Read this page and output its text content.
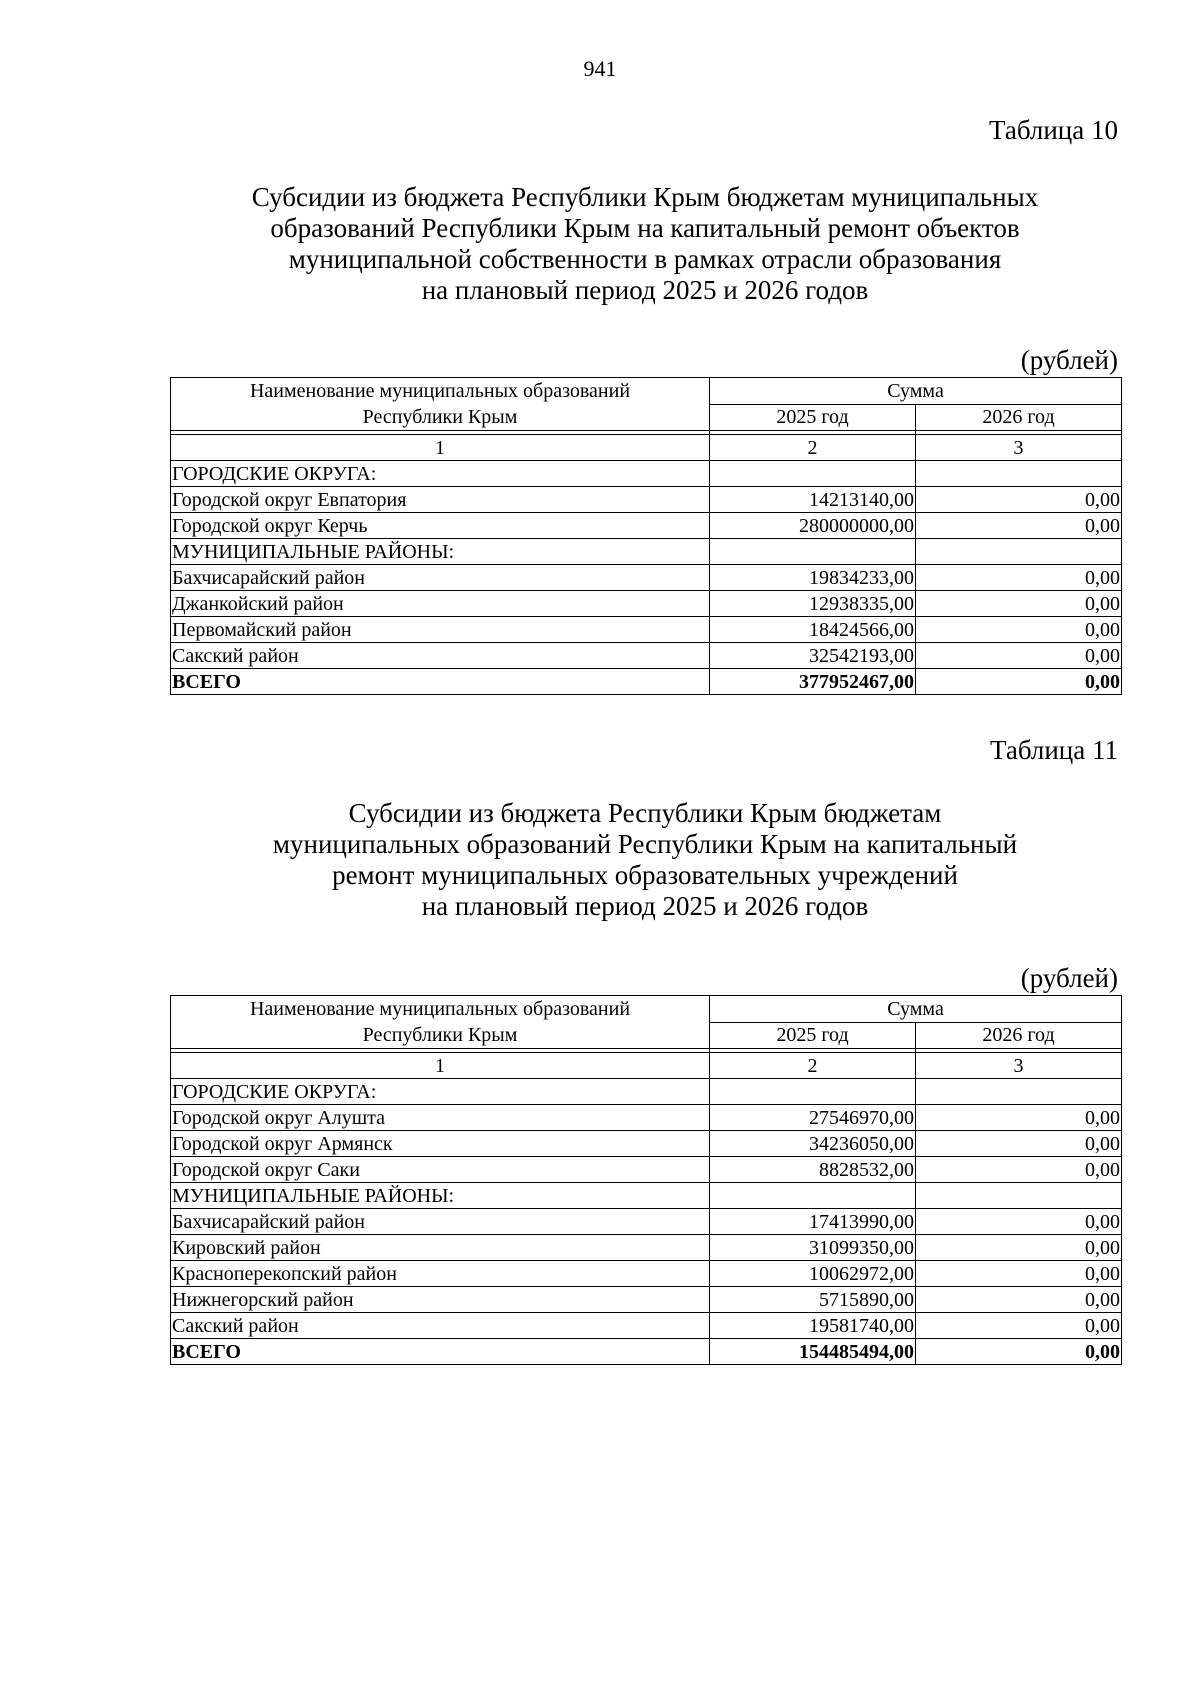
941
Таблица 10
Субсидии из бюджета Республики Крым бюджетам муниципальных
образований Республики Крым на капитальный ремонт объектов
муниципальной собственности в рамках отрасли образования
на плановый период 2025 и 2026 годов
(рублей)
Наименование муниципальных образований
Республики Крым	Сумма	
	2025 год	2026 год

1	2	3
ГОРОДСКИЕ ОКРУГА:		
Городской округ Евпатория	14213140,00	0,00
Городской округ Керчь	280000000,00	0,00
МУНИЦИПАЛЬНЫЕ РАЙОНЫ:		
Бахчисарайский район	19834233,00	0,00
Джанкойский район	12938335,00	0,00
Первомайский район	18424566,00	0,00
Сакский район	32542193,00	0,00
ВСЕГО	377952467,00	0,00
Таблица 11
Субсидии из бюджета Республики Крым бюджетам
муниципальных образований Республики Крым на капитальный
ремонт муниципальных образовательных учреждений
на плановый период 2025 и 2026 годов
(рублей)
Наименование муниципальных образований
Республики Крым	Сумма	
	2025 год	2026 год

1	2	3
ГОРОДСКИЕ ОКРУГА:		
Городской округ Алушта	27546970,00	0,00
Городской округ Армянск	34236050,00	0,00
Городской округ Саки	8828532,00	0,00
МУНИЦИПАЛЬНЫЕ РАЙОНЫ:		
Бахчисарайский район	17413990,00	0,00
Кировский район	31099350,00	0,00
Красноперекопский район	10062972,00	0,00
Нижнегорский район	5715890,00	0,00
Сакский район	19581740,00	0,00
ВСЕГО	154485494,00	0,00
